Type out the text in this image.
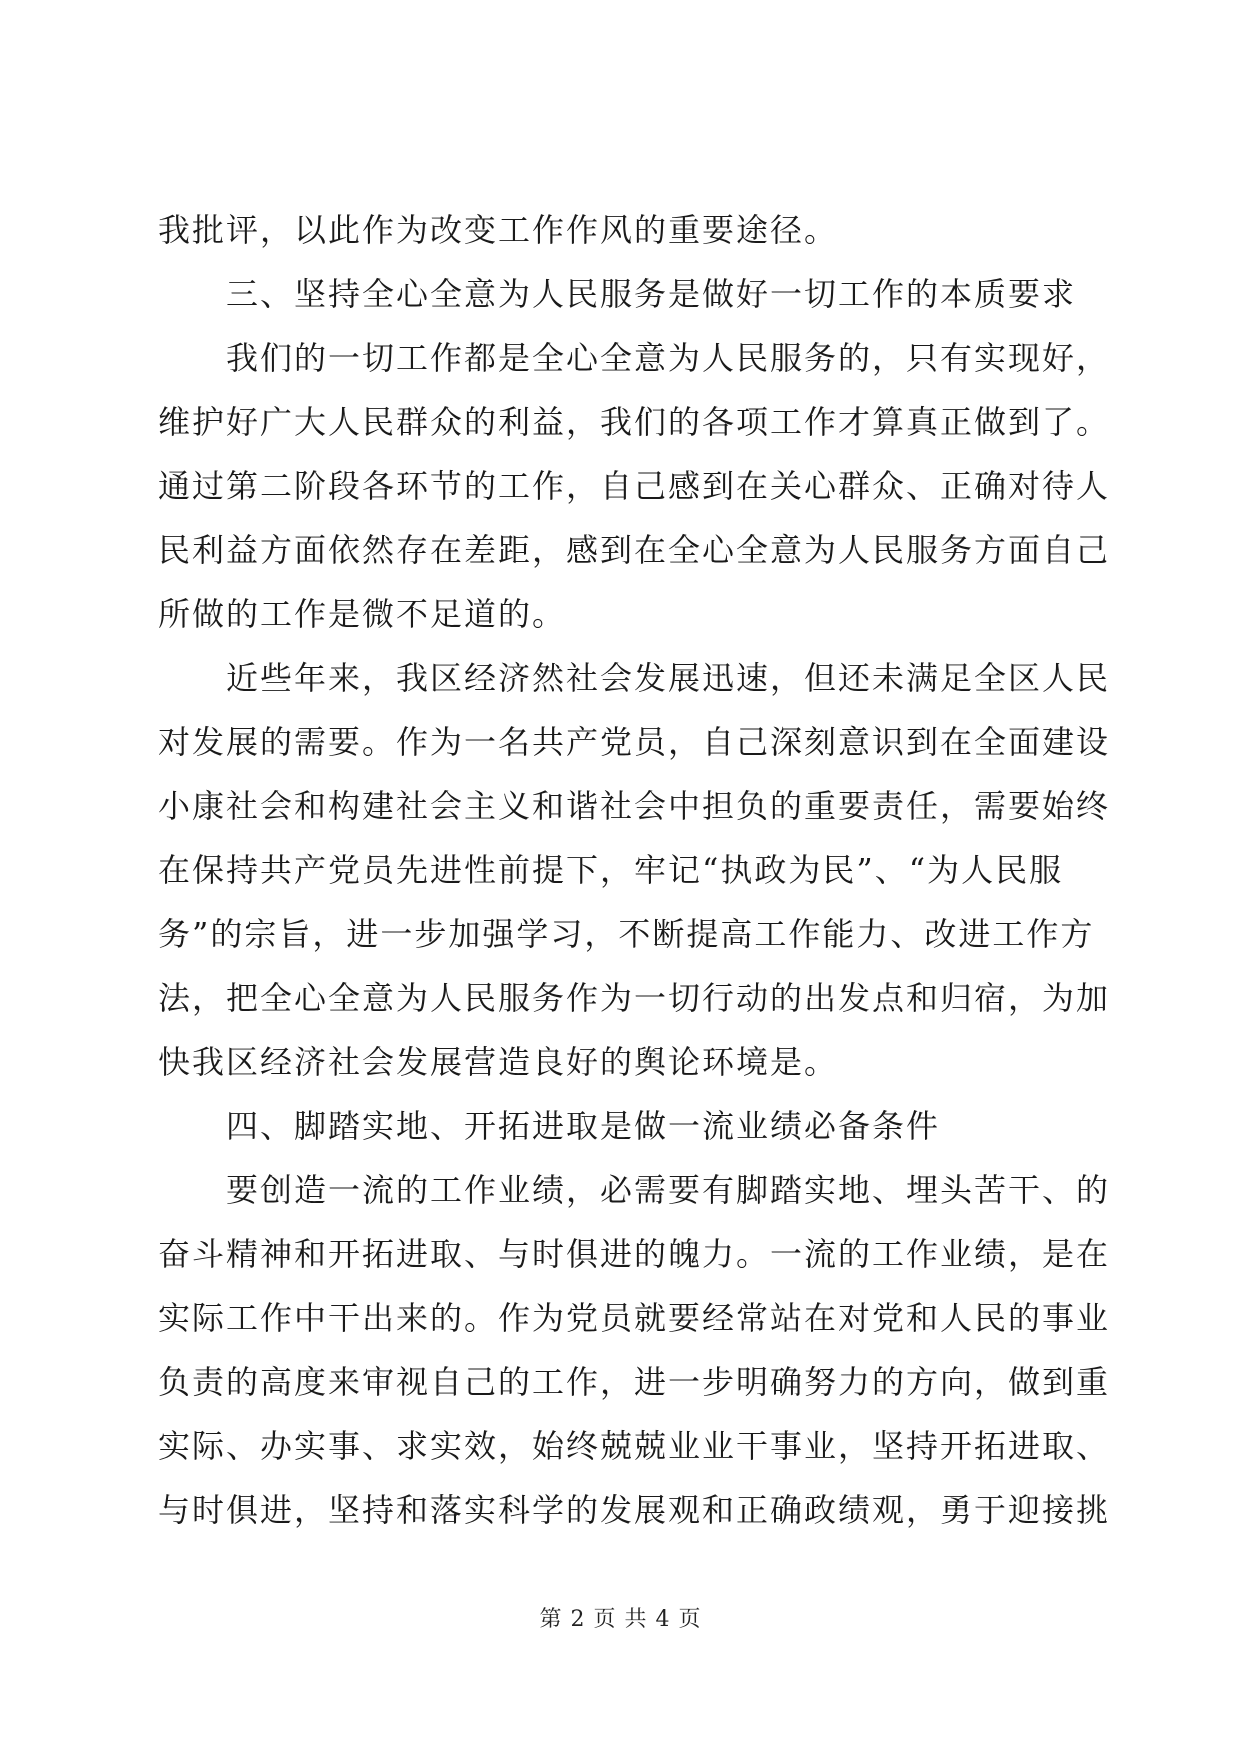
我批评，以此作为改变工作作风的重要途径。
三、坚持全心全意为人民服务是做好一切工作的本质要求
我们的一切工作都是全心全意为人民服务的，只有实现好，
维护好广大人民群众的利益，我们的各项工作才算真正做到了。
通过第二阶段各环节的工作，自己感到在关心群众、正确对待人
民利益方面依然存在差距，感到在全心全意为人民服务方面自己
所做的工作是微不足道的。
近些年来，我区经济然社会发展迅速，但还未满足全区人民
对发展的需要。作为一名共产党员，自己深刻意识到在全面建设
小康社会和构建社会主义和谐社会中担负的重要责任，需要始终
在保持共产党员先进性前提下，牢记“执政为民”、“为人民服
务”的宗旨，进一步加强学习，不断提高工作能力、改进工作方
法，把全心全意为人民服务作为一切行动的出发点和归宿，为加
快我区经济社会发展营造良好的舆论环境是。
四、脚踏实地、开拓进取是做一流业绩必备条件
要创造一流的工作业绩，必需要有脚踏实地、埋头苦干、的
奋斗精神和开拓进取、与时俱进的魄力。一流的工作业绩，是在
实际工作中干出来的。作为党员就要经常站在对党和人民的事业
负责的高度来审视自己的工作，进一步明确努力的方向，做到重
实际、办实事、求实效，始终兢兢业业干事业，坚持开拓进取、
与时俱进，坚持和落实科学的发展观和正确政绩观，勇于迎接挑
第 2 页 共 4 页
